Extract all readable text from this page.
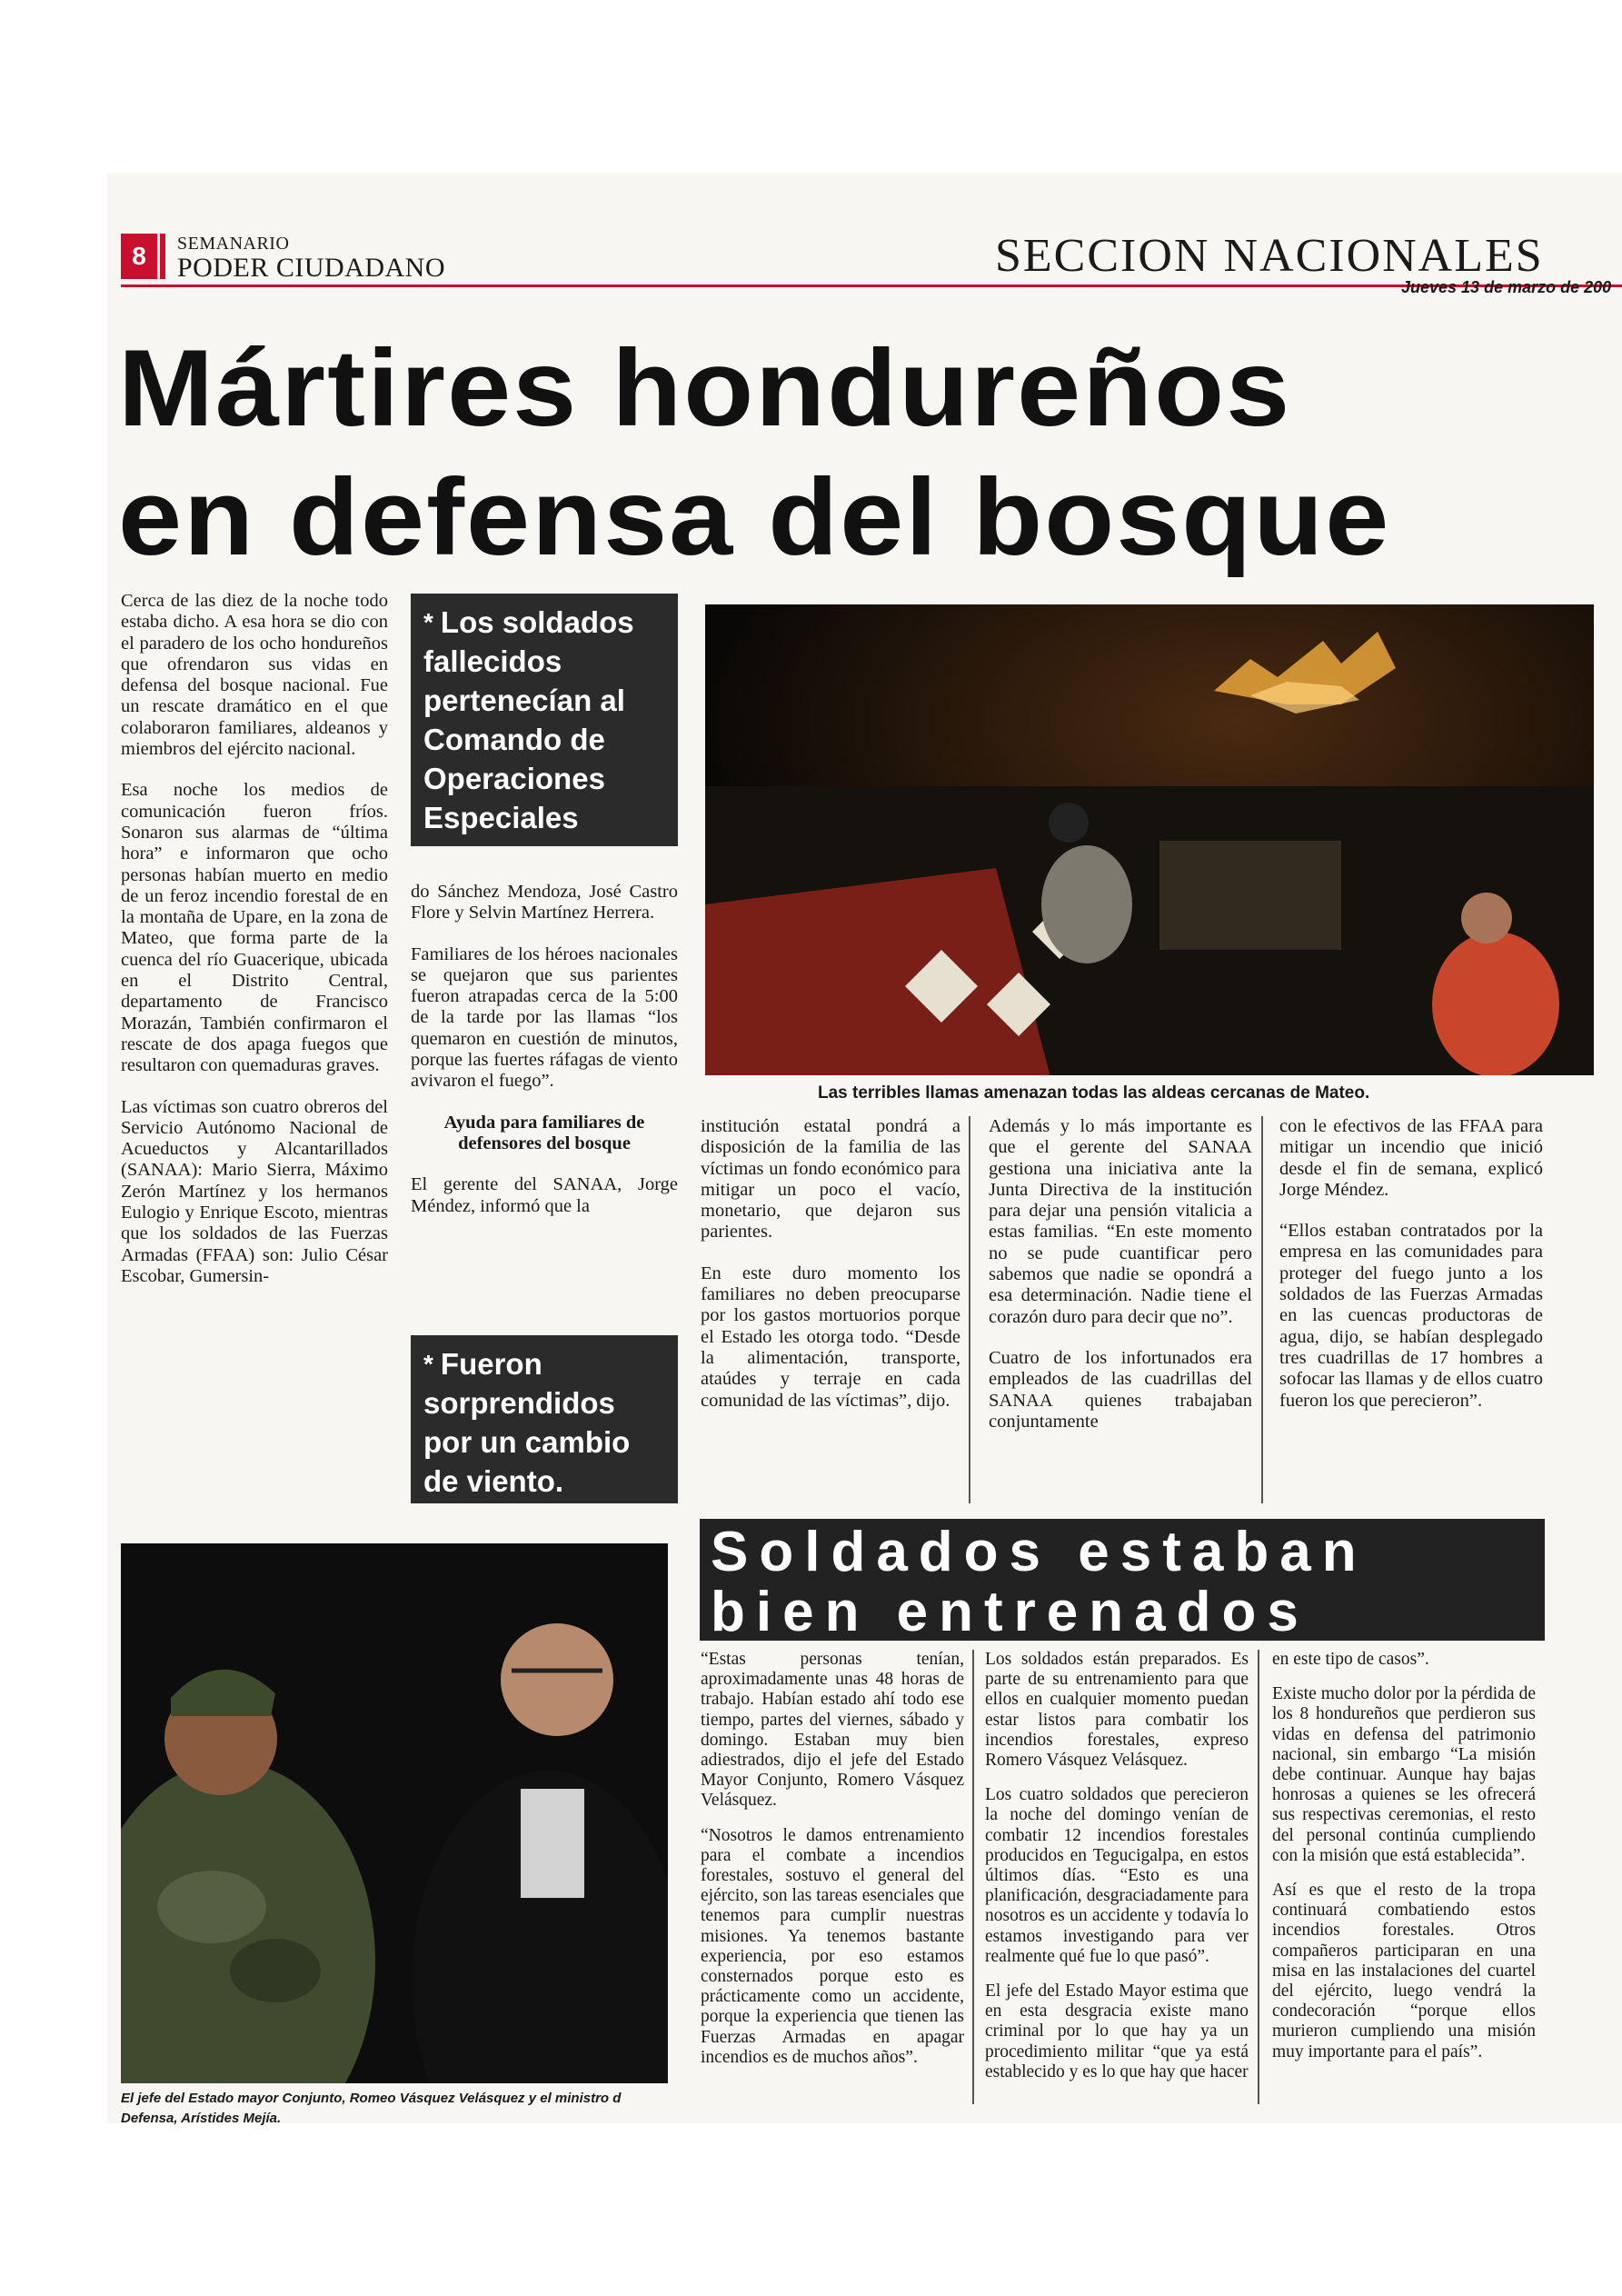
8	SEMANARIO
PODER CIUDADANO	SECCION NACIONALES
Jueves 13 de marzo de 200
Mártires hondureños
en defensa del bosque

Cerca de las diez de la noche todo estaba dicho. A esa hora se dio con el paradero de los ocho hondureños que ofrendaron sus vidas en defensa del bosque nacional. Fue un rescate dramático en el que colaboraron familiares, aldeanos y miembros del ejército nacional.

Esa noche los medios de comunicación fueron fríos. Sonaron sus alarmas de “última hora” e informaron que ocho personas habían muerto en medio de un feroz incendio forestal de en la montaña de Upare, en la zona de Mateo, que forma parte de la cuenca del río Guacerique, ubicada en el Distrito Central, departamento de Francisco Morazán, También confirmaron el rescate de dos apaga fuegos que resultaron con quemaduras graves.

Las víctimas son cuatro obreros del Servicio Autónomo Nacional de Acueductos y Alcantarillados (SANAA): Mario Sierra, Máximo Zerón Martínez y los hermanos Eulogio y Enrique Escoto, mientras que los soldados de las Fuerzas Armadas (FFAA) son: Julio César Escobar, Gumersin-

* Los soldados fallecidos pertenecían al Comando de Operaciones Especiales

do Sánchez Mendoza, José Castro Flore y Selvin Martínez Herrera.

Familiares de los héroes nacionales se quejaron que sus parientes fueron atrapadas cerca de la 5:00 de la tarde por las llamas “los quemaron en cuestión de minutos, porque las fuertes ráfagas de viento avivaron el fuego”.

Ayuda para familiares de defensores del bosque

El gerente del SANAA, Jorge Méndez, informó que la

* Fueron sorprendidos por un cambio de viento.
Las terribles llamas amenazan todas las aldeas cercanas de Mateo.

institución estatal pondrá a disposición de la familia de las víctimas un fondo económico para mitigar un poco el vacío, monetario, que dejaron sus parientes.

En este duro momento los familiares no deben preocuparse por los gastos mortuorios porque el Estado les otorga todo. “Desde la alimentación, transporte, ataúdes y terraje en cada comunidad de las víctimas”, dijo.

Además y lo más importante es que el gerente del SANAA gestiona una iniciativa ante la Junta Directiva de la institución para dejar una pensión vitalicia a estas familias. “En este momento no se pude cuantificar pero sabemos que nadie se opondrá a esa determinación. Nadie tiene el corazón duro para decir que no”.

Cuatro de los infortunados era empleados de las cuadrillas del SANAA quienes trabajaban conjuntamente

con le efectivos de las FFAA para mitigar un incendio que inició desde el fin de semana, explicó Jorge Méndez.

“Ellos estaban contratados por la empresa en las comunidades para proteger del fuego junto a los soldados de las Fuerzas Armadas en las cuencas productoras de agua, dijo, se habían desplegado tres cuadrillas de 17 hombres a sofocar las llamas y de ellos cuatro fueron los que perecieron”.

El jefe del Estado mayor Conjunto, Romeo Vásquez Velásquez y el ministro d Defensa, Arístides Mejía.
Soldados estaban
bien entrenados

“Estas personas tenían, aproximadamente unas 48 horas de trabajo. Habían estado ahí todo ese tiempo, partes del viernes, sábado y domingo. Estaban muy bien adiestrados, dijo el jefe del Estado Mayor Conjunto, Romero Vásquez Velásquez.

“Nosotros le damos entrenamiento para el combate a incendios forestales, sostuvo el general del ejército, son las tareas esenciales que tenemos para cumplir nuestras misiones. Ya tenemos bastante experiencia, por eso estamos consternados porque esto es prácticamente como un accidente, porque la experiencia que tienen las Fuerzas Armadas en apagar incendios es de muchos años”.

Los soldados están preparados. Es parte de su entrenamiento para que ellos en cualquier momento puedan estar listos para combatir los incendios forestales, expreso Romero Vásquez Velásquez.

Los cuatro soldados que perecieron la noche del domingo venían de combatir 12 incendios forestales producidos en Tegucigalpa, en estos últimos días. “Esto es una planificación, desgraciadamente para nosotros es un accidente y todavía lo estamos investigando para ver realmente qué fue lo que pasó”.

El jefe del Estado Mayor estima que en esta desgracia existe mano criminal por lo que hay ya un procedimiento militar “que ya está establecido y es lo que hay que hacer

en este tipo de casos”.

Existe mucho dolor por la pérdida de los 8 hondureños que perdieron sus vidas en defensa del patrimonio nacional, sin embargo “La misión debe continuar. Aunque hay bajas honrosas a quienes se les ofrecerá sus respectivas ceremonias, el resto del personal continúa cumpliendo con la misión que está establecida”.

Así es que el resto de la tropa continuará combatiendo estos incendios forestales. Otros compañeros participaran en una misa en las instalaciones del cuartel del ejército, luego vendrá la condecoración “porque ellos murieron cumpliendo una misión muy importante para el país”.
